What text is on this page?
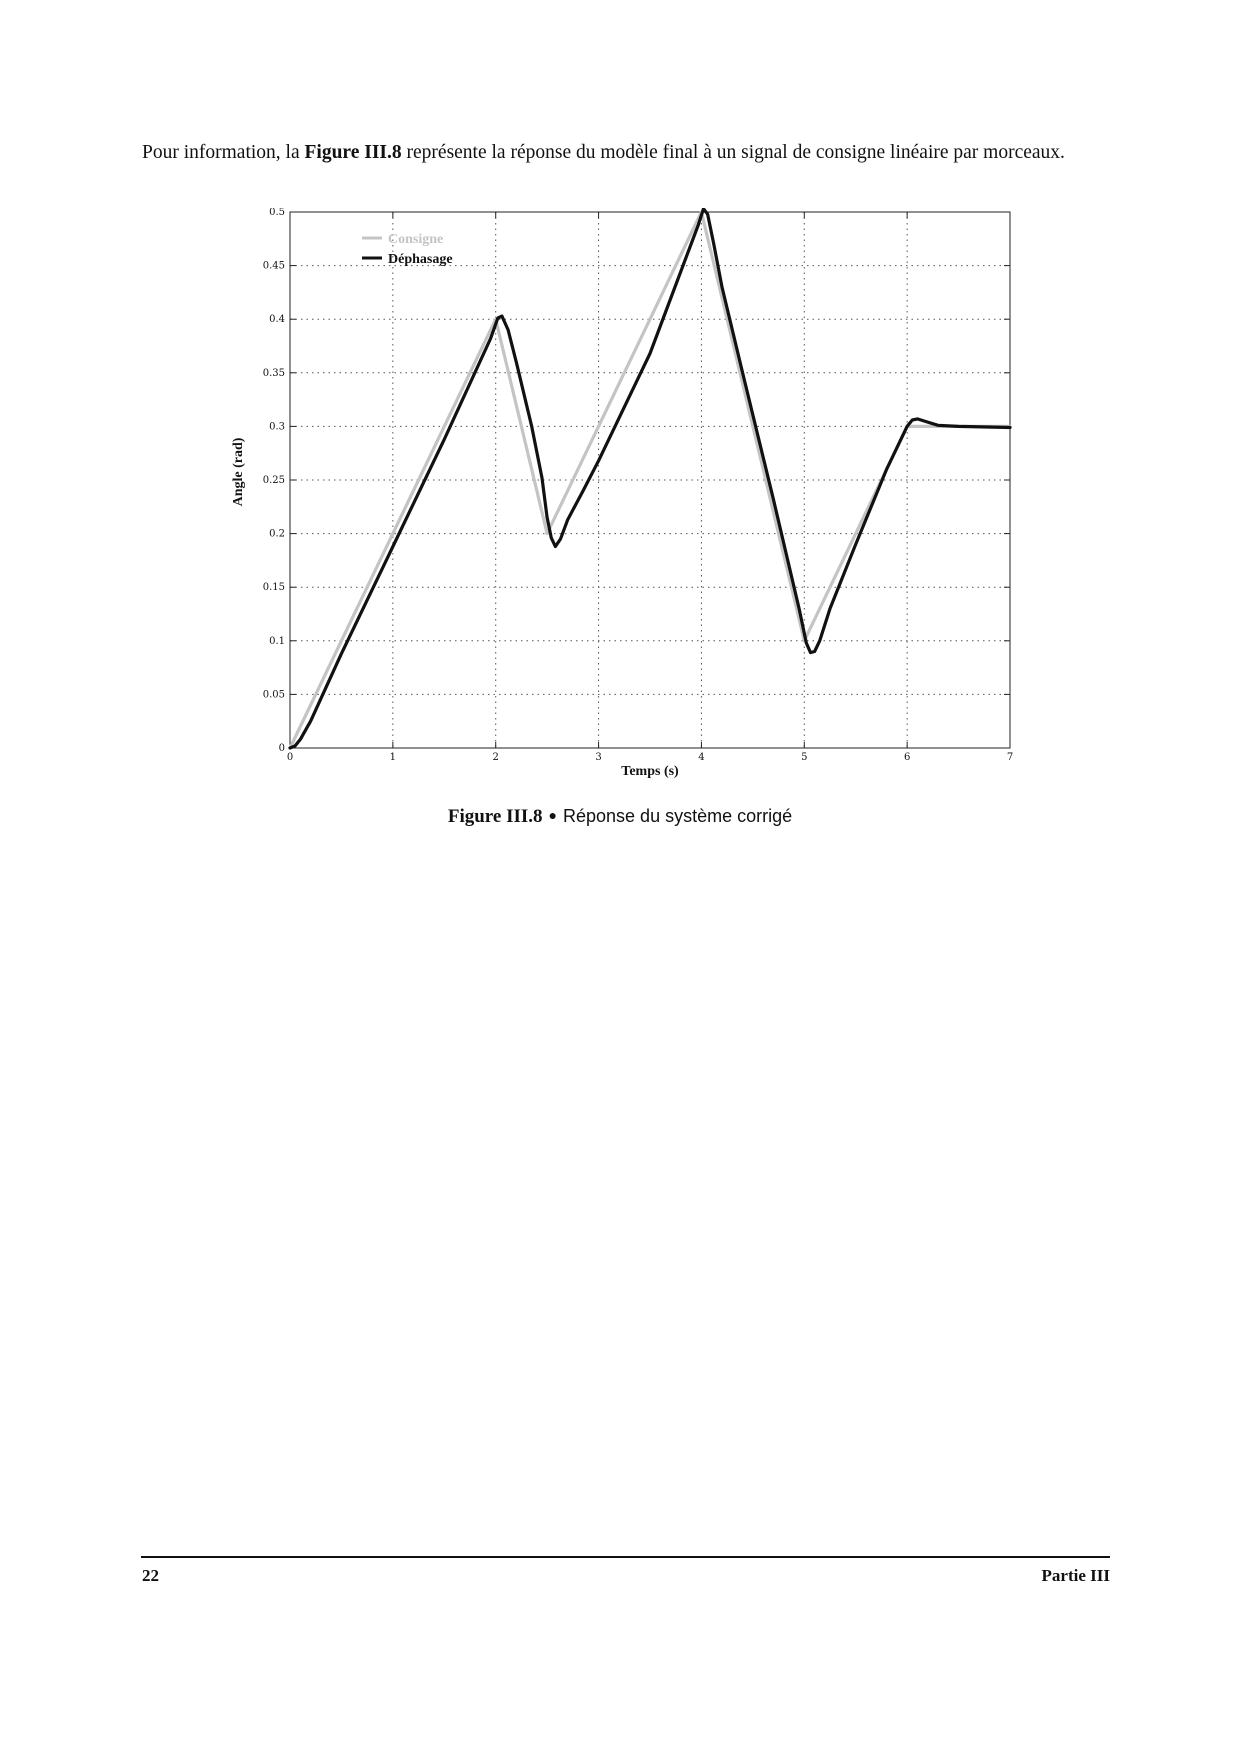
Pour information, la Figure III.8 représente la réponse du modèle final à un signal de consigne linéaire par morceaux.

0	1	2	3	4	5	6	7
0
0.05
0.1
0.15
0.2
0.25
0.3
0.35
0.4
0.45
0.5
Consigne
Déphasage
Temps (s)
Angle (rad)
Figure III.8 ● Réponse du système corrigé
22	Partie III
